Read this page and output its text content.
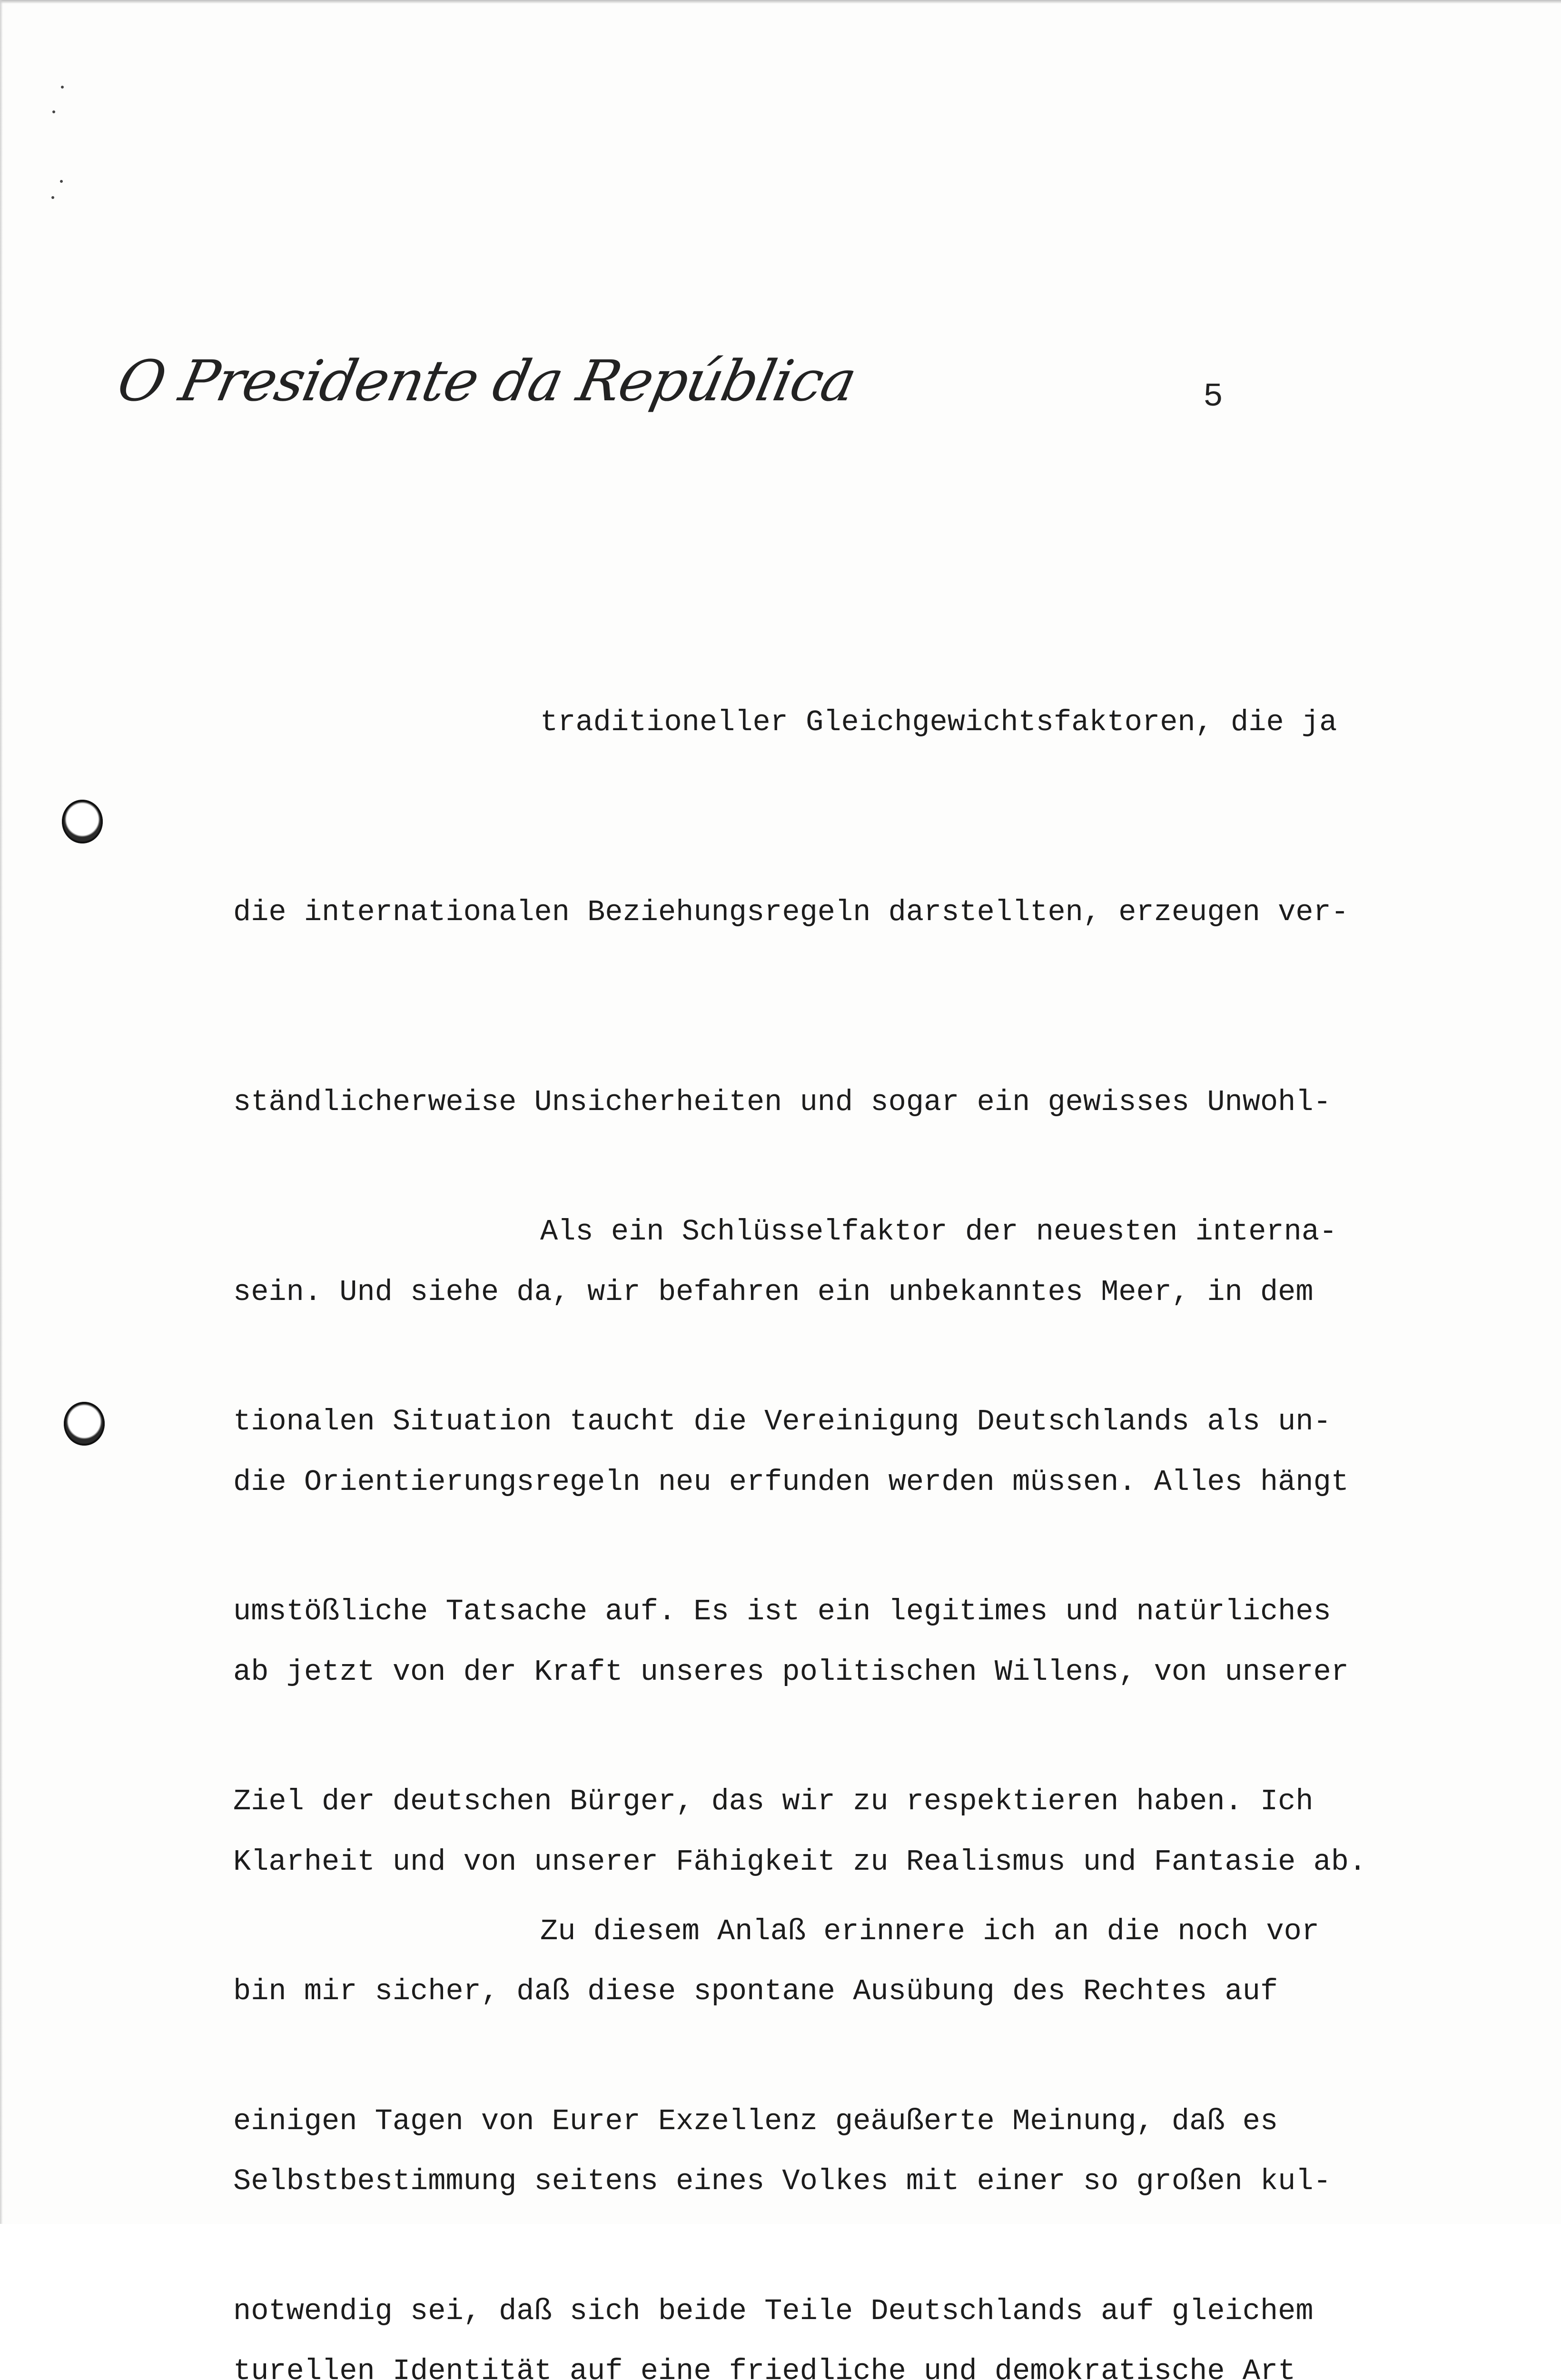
O Presidente da República	5

traditioneller Gleichgewichtsfaktoren, die ja

die internationalen Beziehungsregeln darstellten, erzeugen ver-

ständlicherweise Unsicherheiten und sogar ein gewisses Unwohl-

sein. Und siehe da, wir befahren ein unbekanntes Meer, in dem

die Orientierungsregeln neu erfunden werden müssen. Alles hängt

ab jetzt von der Kraft unseres politischen Willens, von unserer

Klarheit und von unserer Fähigkeit zu Realismus und Fantasie ab.

Als ein Schlüsselfaktor der neuesten interna-

tionalen Situation taucht die Vereinigung Deutschlands als un-

umstößliche Tatsache auf. Es ist ein legitimes und natürliches

Ziel der deutschen Bürger, das wir zu respektieren haben. Ich

bin mir sicher, daß diese spontane Ausübung des Rechtes auf

Selbstbestimmung seitens eines Volkes mit einer so großen kul-

turellen Identität auf eine friedliche und demokratische Art

Zu diesem Anlaß erinnere ich an die noch vor

einigen Tagen von Eurer Exzellenz geäußerte Meinung, daß es

notwendig sei, daß sich beide Teile Deutschlands auf gleichem
